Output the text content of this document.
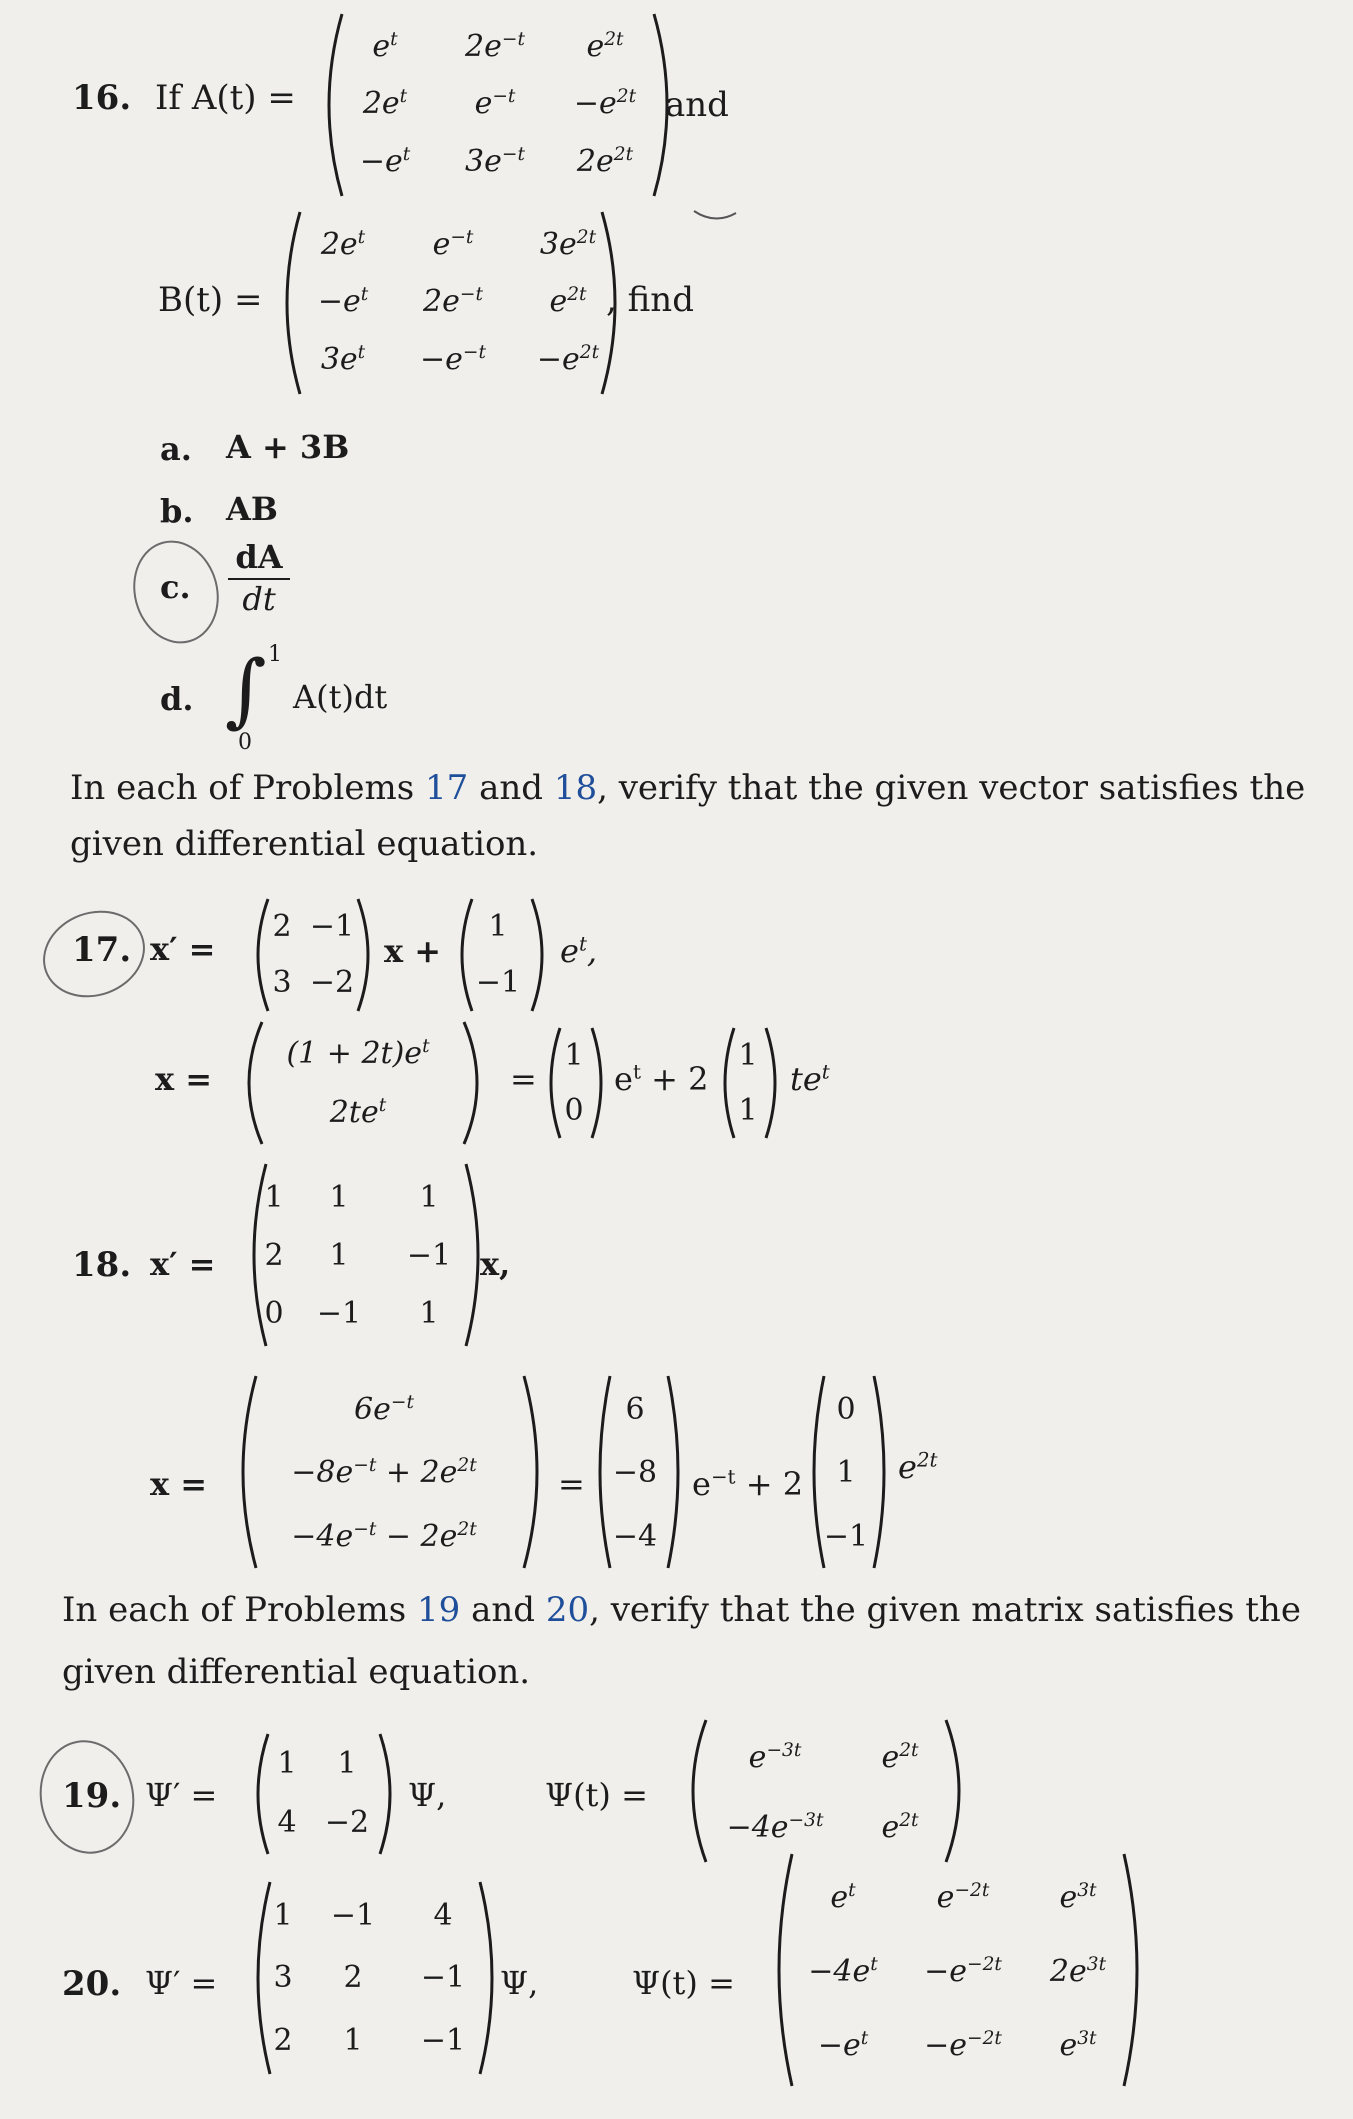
16. If A(t) =
$e^t$	$2e^{-t}$	$e^{2t}$
$2e^t$	$e^{-t}$	$-e^{2t}$
$-e^t$	$3e^{-t}$	$2e^{2t}$
and
B(t) =
$2e^t$	$e^{-t}$	$3e^{2t}$
$-e^t$	$2e^{-t}$	$e^{2t}$
$3e^t$	$-e^{-t}$	$-e^{2t}$
, find
a. A + 3B
b. AB
c. $\frac{dA}{dt}$
d. ∫ 1
0
A(t)dt
In each of Problems 17 and 18, verify that the given vector satisfies the
given differential equation.
17. x′ =
2 −1
3 −2
x +
1
−1
$e^t$,
x =
$(1 + 2t)e^t$
$2te^t$
=
1
0
$e^t + 2$
1
1
$te^t$
18. x′ =
1	1	1
2	1	−1
0	−1	1
x,
x =
$6e^{-t}$
$-8e^{-t} + 2e^{2t}$
$-4e^{-t} - 2e^{2t}$
=
6
−8
−4
$e^{-t} + 2$
0
1
−1
$e^{2t}$
In each of Problems 19 and 20, verify that the given matrix satisfies the
given differential equation.
19. Ψ′ =
1	1
4 −2
Ψ,	Ψ(t) =
$e^{-3t}$	$e^{2t}$
$-4e^{-3t}$	$e^{2t}$
20. Ψ′ =
1	−1	4
3	2	−1
2	1	−1
Ψ,	Ψ(t) =
$e^t$	$e^{-2t}$	$e^{3t}$
$-4e^t$	$-e^{-2t}$	$2e^{3t}$
$-e^t$	$-e^{-2t}$	$e^{3t}$
